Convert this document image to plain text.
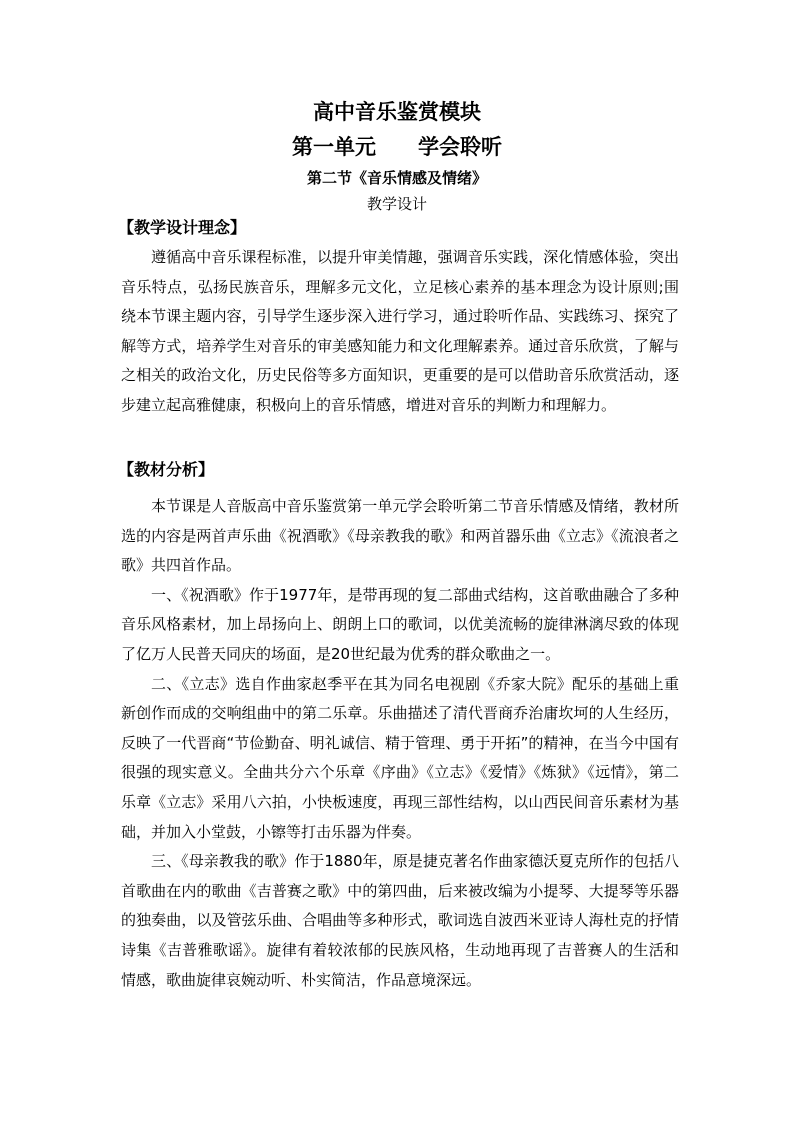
高中音乐鉴赏模块
第一单元 学会聆听
第二节《音乐情感及情绪》
教学设计
【教学设计理念】

遵循高中音乐课程标准，以提升审美情趣，强调音乐实践，深化情感体验，突出音乐特点，弘扬民族音乐，理解多元文化，立足核心素养的基本理念为设计原则;围绕本节课主题内容，引导学生逐步深入进行学习，通过聆听作品、实践练习、探究了解等方式，培养学生对音乐的审美感知能力和文化理解素养。通过音乐欣赏，了解与之相关的政治文化，历史民俗等多方面知识，更重要的是可以借助音乐欣赏活动，逐步建立起高雅健康，积极向上的音乐情感，增进对音乐的判断力和理解力。

【教材分析】

本节课是人音版高中音乐鉴赏第一单元学会聆听第二节音乐情感及情绪，教材所选的内容是两首声乐曲《祝酒歌》《母亲教我的歌》和两首器乐曲《立志》《流浪者之歌》共四首作品。

一、《祝酒歌》作于1977年，是带再现的复二部曲式结构，这首歌曲融合了多种音乐风格素材，加上昂扬向上、朗朗上口的歌词，以优美流畅的旋律淋漓尽致的体现了亿万人民普天同庆的场面，是20世纪最为优秀的群众歌曲之一。

二、《立志》选自作曲家赵季平在其为同名电视剧《乔家大院》配乐的基础上重新创作而成的交响组曲中的第二乐章。乐曲描述了清代晋商乔治庸坎坷的人生经历，反映了一代晋商“节俭勤奋、明礼诚信、精于管理、勇于开拓”的精神，在当今中国有很强的现实意义。全曲共分六个乐章《序曲》《立志》《爱情》《炼狱》《远情》，第二乐章《立志》采用八六拍，小快板速度，再现三部性结构，以山西民间音乐素材为基础，并加入小堂鼓，小镲等打击乐器为伴奏。

三、《母亲教我的歌》作于1880年，原是捷克著名作曲家德沃夏克所作的包括八首歌曲在内的歌曲《吉普赛之歌》中的第四曲，后来被改编为小提琴、大提琴等乐器的独奏曲，以及管弦乐曲、合唱曲等多种形式，歌词选自波西米亚诗人海杜克的抒情诗集《吉普雅歌谣》。旋律有着较浓郁的民族风格，生动地再现了吉普赛人的生活和情感，歌曲旋律哀婉动听、朴实简洁，作品意境深远。
